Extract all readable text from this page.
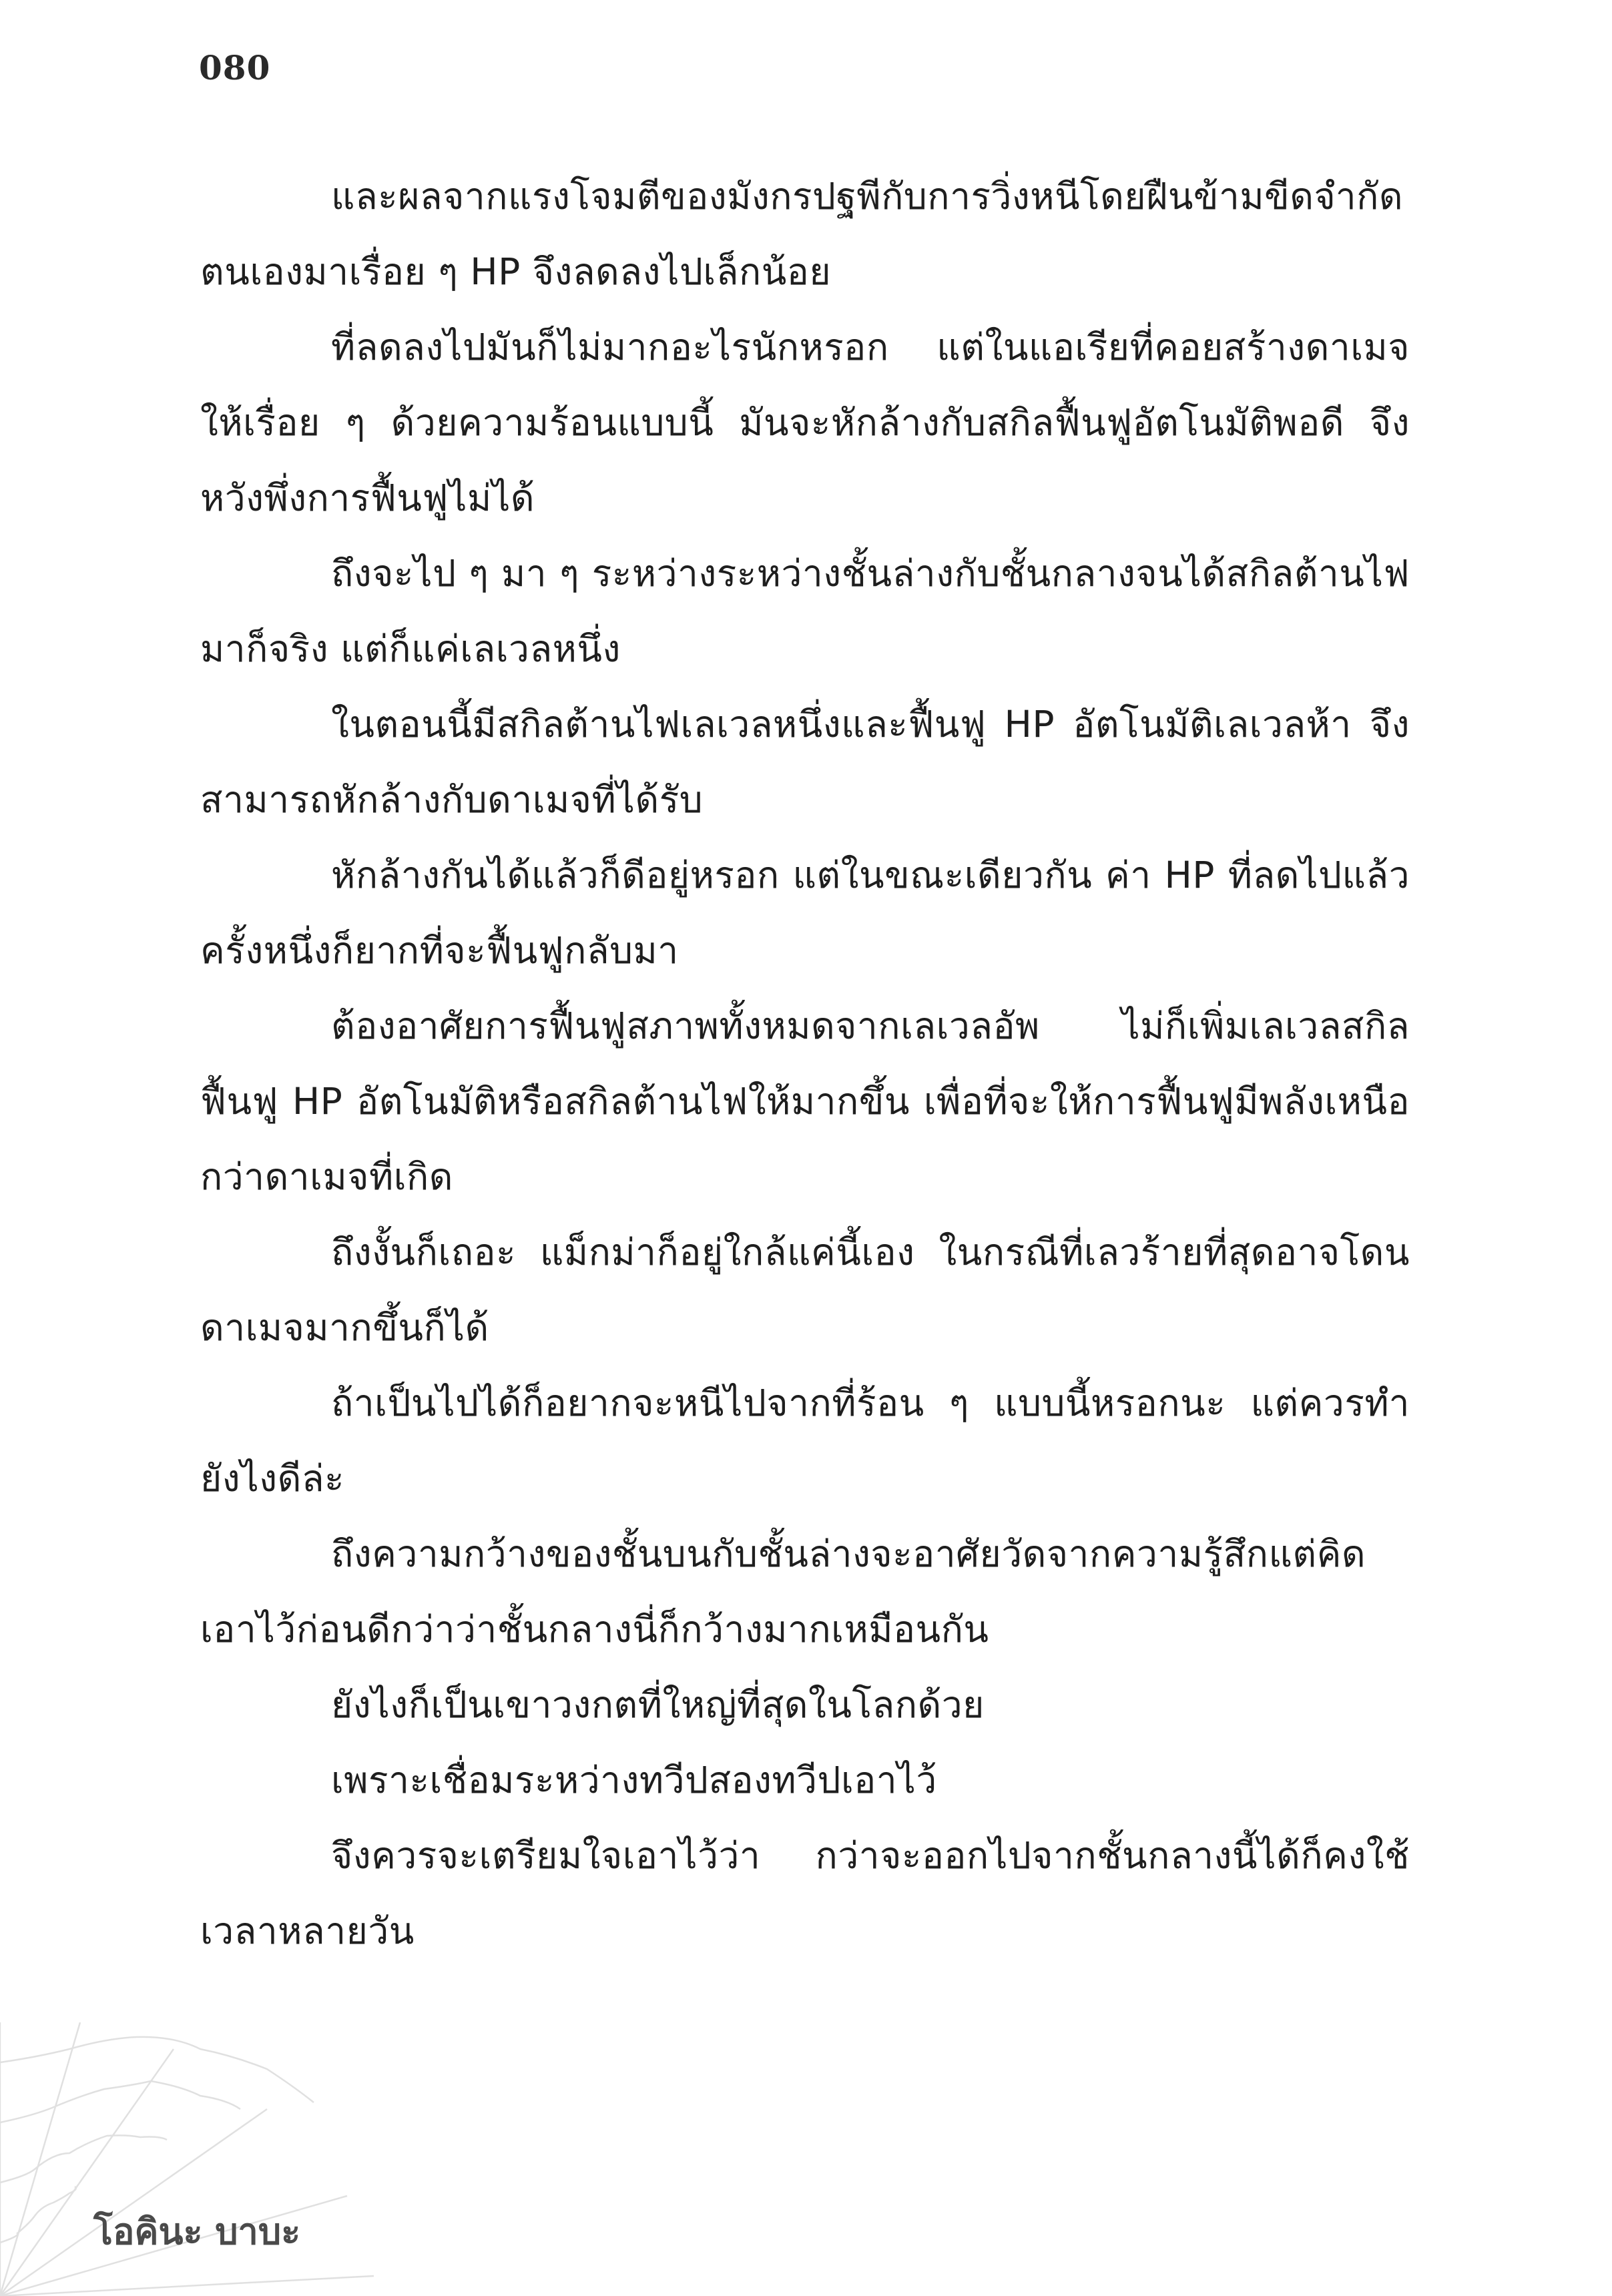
080

และผลจากแรงโจมตีของมังกรปฐพีกับการวิ่งหนีโดยฝืนข้ามขีดจำกัดตนเองมาเรื่อย ๆ HP จึงลดลงไปเล็กน้อย

ที่ลดลงไปมันก็ไม่มากอะไรนักหรอก แต่ในแอเรียที่คอยสร้างดาเมจให้เรื่อย ๆ ด้วยความร้อนแบบนี้ มันจะหักล้างกับสกิลฟื้นฟูอัตโนมัติพอดี จึงหวังพึ่งการฟื้นฟูไม่ได้

ถึงจะไป ๆ มา ๆ ระหว่างระหว่างชั้นล่างกับชั้นกลางจนได้สกิลต้านไฟมาก็จริง แต่ก็แค่เลเวลหนึ่ง

ในตอนนี้มีสกิลต้านไฟเลเวลหนึ่งและฟื้นฟู HP อัตโนมัติเลเวลห้า จึงสามารถหักล้างกับดาเมจที่ได้รับ

หักล้างกันได้แล้วก็ดีอยู่หรอก แต่ในขณะเดียวกัน ค่า HP ที่ลดไปแล้วครั้งหนึ่งก็ยากที่จะฟื้นฟูกลับมา

ต้องอาศัยการฟื้นฟูสภาพทั้งหมดจากเลเวลอัพ ไม่ก็เพิ่มเลเวลสกิลฟื้นฟู HP อัตโนมัติหรือสกิลต้านไฟให้มากขึ้น เพื่อที่จะให้การฟื้นฟูมีพลังเหนือกว่าดาเมจที่เกิด

ถึงงั้นก็เถอะ แม็กม่าก็อยู่ใกล้แค่นี้เอง ในกรณีที่เลวร้ายที่สุดอาจโดนดาเมจมากขึ้นก็ได้

ถ้าเป็นไปได้ก็อยากจะหนีไปจากที่ร้อน ๆ แบบนี้หรอกนะ แต่ควรทำยังไงดีล่ะ

ถึงความกว้างของชั้นบนกับชั้นล่างจะอาศัยวัดจากความรู้สึกแต่คิดเอาไว้ก่อนดีกว่าว่าชั้นกลางนี่ก็กว้างมากเหมือนกัน

ยังไงก็เป็นเขาวงกตที่ใหญ่ที่สุดในโลกด้วย

เพราะเชื่อมระหว่างทวีปสองทวีปเอาไว้

จึงควรจะเตรียมใจเอาไว้ว่า กว่าจะออกไปจากชั้นกลางนี้ได้ก็คงใช้เวลาหลายวัน

โอคินะ บาบะ
